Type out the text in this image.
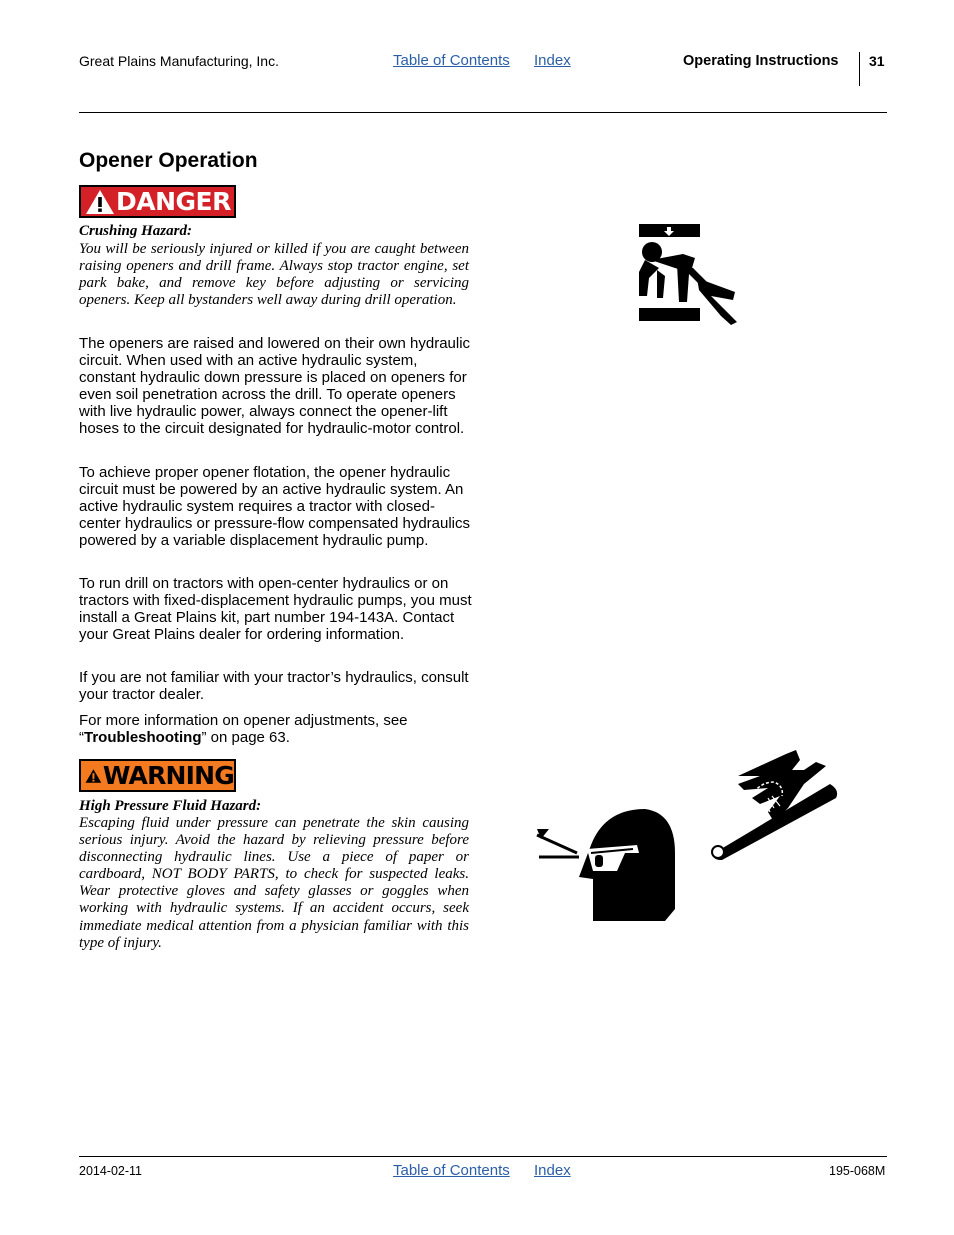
Great Plains Manufacturing, Inc.	Table of Contents Index	Operating Instructions 31
Opener Operation
DANGER
Crushing Hazard:
You will be seriously injured or killed if you are caught between raising openers and drill frame. Always stop tractor engine, set park bake, and remove key before adjusting or servicing openers. Keep all bystanders well away during drill operation.
The openers are raised and lowered on their own hydraulic circuit. When used with an active hydraulic system, constant hydraulic down pressure is placed on openers for even soil penetration across the drill. To operate openers with live hydraulic power, always connect the opener-lift hoses to the circuit designated for hydraulic-motor control.
To achieve proper opener flotation, the opener hydraulic circuit must be powered by an active hydraulic system. An active hydraulic system requires a tractor with closed-center hydraulics or pressure-flow compensated hydraulics powered by a variable displacement hydraulic pump.
To run drill on tractors with open-center hydraulics or on tractors with fixed-displacement hydraulic pumps, you must install a Great Plains kit, part number 194-143A. Contact your Great Plains dealer for ordering information.
If you are not familiar with your tractor’s hydraulics, consult your tractor dealer.
For more information on opener adjustments, see “Troubleshooting” on page 63.
WARNING
High Pressure Fluid Hazard:
Escaping fluid under pressure can penetrate the skin causing serious injury. Avoid the hazard by relieving pressure before disconnecting hydraulic lines. Use a piece of paper or cardboard, NOT BODY PARTS, to check for suspected leaks. Wear protective gloves and safety glasses or goggles when working with hydraulic systems. If an accident occurs, seek immediate medical attention from a physician familiar with this type of injury.
2014-02-11	Table of Contents Index	195-068M
